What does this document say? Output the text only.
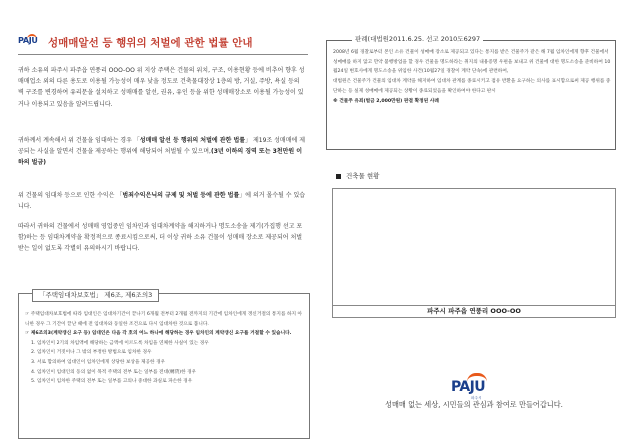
PAJU 성매매알선 등 행위의 처벌에 관한 법률 안내

귀하 소유의 파주시 파주읍 연풍리 OOO-OO 위 지상 주택은 건물의 위치, 구조, 이용현황 등에 비추어 향후 성매매업소 외의 다른 용도로 이용될 가능성이 매우 낮을 정도로 건축물대장상 1층의 방, 거실, 주방, 욕실 등의 벽 구조를 변경하여 유리문을 설치하고 성매매를 알선, 권유, 유인 등을 위한 성매매장소로 이용될 가능성이 있거나 이용되고 있음을 알려드립니다.

귀하께서 계속해서 위 건물을 임대하는 경우 「성매매 알선 등 행위의 처벌에 관한 법률」 제19조 성매매에 제공되는 사실을 알면서 건물을 제공하는 행위에 해당되어 처벌될 수 있으며,(3년 이하의 징역 또는 3천만원 이하의 벌금)

위 건물의 임대차 등으로 인한 수익은 「범죄수익은닉의 규제 및 처벌 등에 관한 법률」에 의거 몰수될 수 있습니다.

따라서 귀하의 건물에서 성매매 영업중인 임차인과 임대차계약을 해지하거나 명도소송을 제기(가집행 선고 포함)하는 등 임대차계약을 확정적으로 종료시킴으로써, 더 이상 귀하 소유 건물이 성매매 장소로 제공되어 처벌받는 일이 없도록 각별히 유의하시기 바랍니다.

「주택임대차보호법」 제6조, 제6조의3
☞ 주택임대차보호법에 따라 임대인은 임대차기간이 끝나기 6개월 전부터 2개월 전까지의 기간에 임차인에게 갱신거절의 통지를 하지 아니한 경우 그 기간이 끝난 때에 전 임대차와 동일한 조건으로 다시 임대차한 것으로 봅니다.
☞ 제6조의3(계약갱신 요구 등) 임대인은 다음 각 호의 어느 하나에 해당하는 경우 임차인의 계약갱신 요구를 거절할 수 있습니다.
1. 임차인이 2기의 차임액에 해당하는 금액에 이르도록 차임을 연체한 사실이 있는 경우
2. 임차인이 거짓이나 그 밖의 부정한 방법으로 임차한 경우
3. 서로 합의하여 임대인이 임차인에게 상당한 보상을 제공한 경우
4. 임차인이 임대인의 동의 없이 목적 주택의 전부 또는 일부를 전대(轉貸)한 경우
5. 임차인이 임차한 주택의 전부 또는 일부를 고의나 중대한 과실로 파손한 경우
판례(대법원2011.6.25. 선고 2010도6297
2008년 6월 경찰로부터 본인 소유 건물이 성매매 장소로 제공되고 있다는 통지를 받은 건물주가 같은 해 7월 임차인에게 향후 건물에서 성매매를 하지 않고 만약 불행방업을 할 경우 건물을 명도하라는 취지의 내용증명 우편을 보내고 위 건물에 대한 명도소송을 준비하여 10월24일 변호사에게 명도소송을 위임한 사건(10월27일 경찰이 계약 단속)에 관련하여,
대법원은 건물주가 건물의 임대차 계약을 해지하여 임대차 관계를 종료시키고 점유 반환을 요구하는 의사를 표시함으로써 제공 행위를 중단하는 등 실제 성매매에 제공되는 상황이 종료되었음을 확인하여야 한다고 판시
※ 건물주 유죄(벌금 2,000만원) 판결 확정된 사례
건축물 현황
파주시 파주읍 연풍리 OOO-OO
PAJU
파주시
성매매 없는 세상, 시민들의 관심과 참여로 만들어갑니다.
